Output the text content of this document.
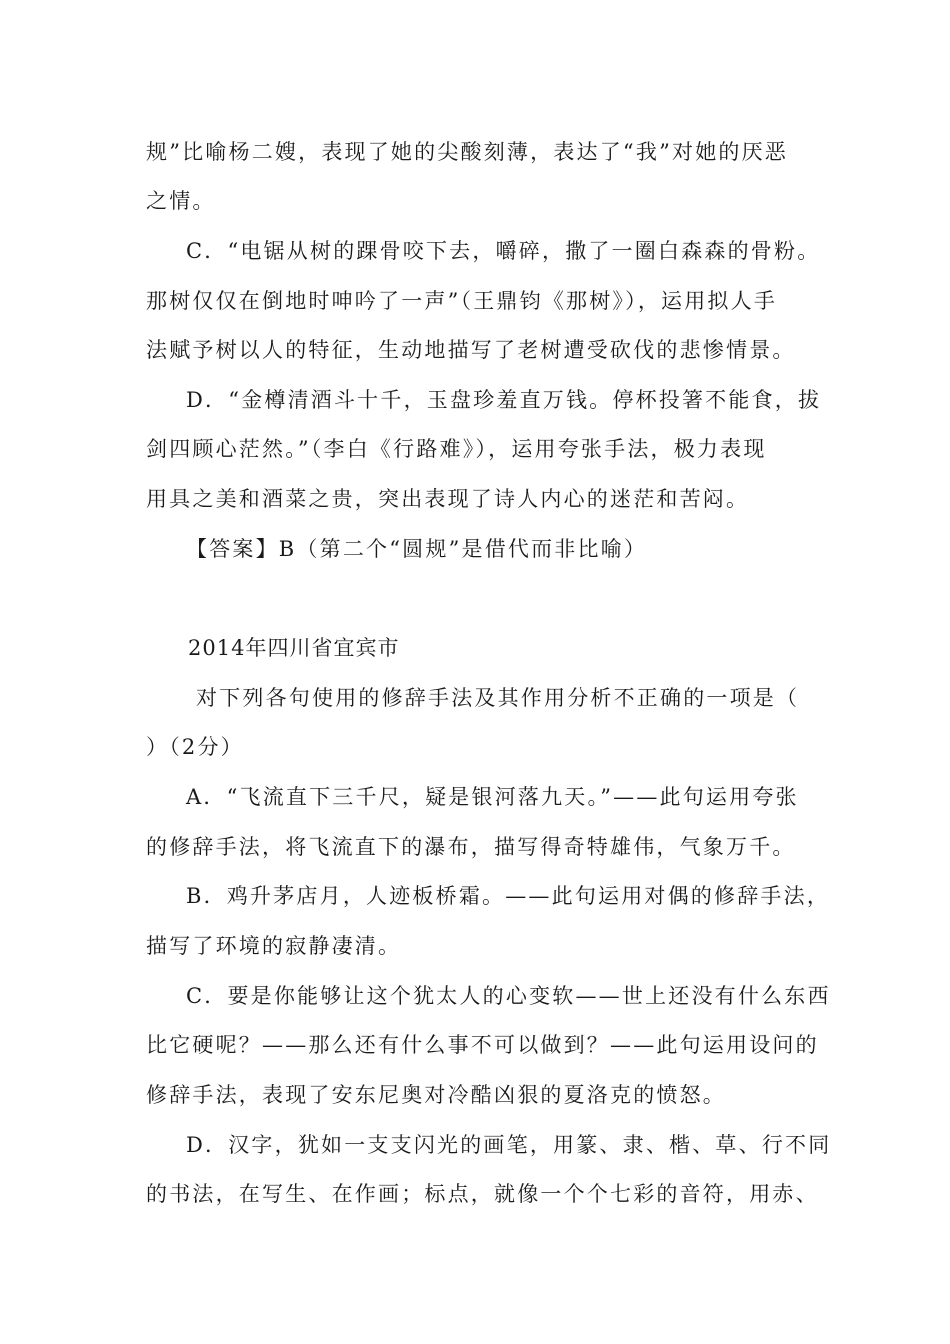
规”比喻杨二嫂，表现了她的尖酸刻薄，表达了“我”对她的厌恶
之情。
C．“电锯从树的踝骨咬下去，嚼碎，撒了一圈白森森的骨粉。
那树仅仅在倒地时呻吟了一声”（王鼎钧《那树》），运用拟人手
法赋予树以人的特征，生动地描写了老树遭受砍伐的悲惨情景。
D．“金樽清酒斗十千，玉盘珍羞直万钱。停杯投箸不能食，拔
剑四顾心茫然。”（李白《行路难》），运用夸张手法，极力表现
用具之美和酒菜之贵，突出表现了诗人内心的迷茫和苦闷。
【答案】B（第二个“圆规”是借代而非比喻）
2014年四川省宜宾市
对下列各句使用的修辞手法及其作用分析不正确的一项是（
）（2分）
A．“飞流直下三千尺，疑是银河落九天。”——此句运用夸张
的修辞手法，将飞流直下的瀑布，描写得奇特雄伟，气象万千。
B．鸡升茅店月，人迹板桥霜。——此句运用对偶的修辞手法，
描写了环境的寂静凄清。
C．要是你能够让这个犹太人的心变软——世上还没有什么东西
比它硬呢？——那么还有什么事不可以做到？——此句运用设问的
修辞手法，表现了安东尼奥对冷酷凶狠的夏洛克的愤怒。
D．汉字，犹如一支支闪光的画笔，用篆、隶、楷、草、行不同
的书法，在写生、在作画；标点，就像一个个七彩的音符，用赤、
